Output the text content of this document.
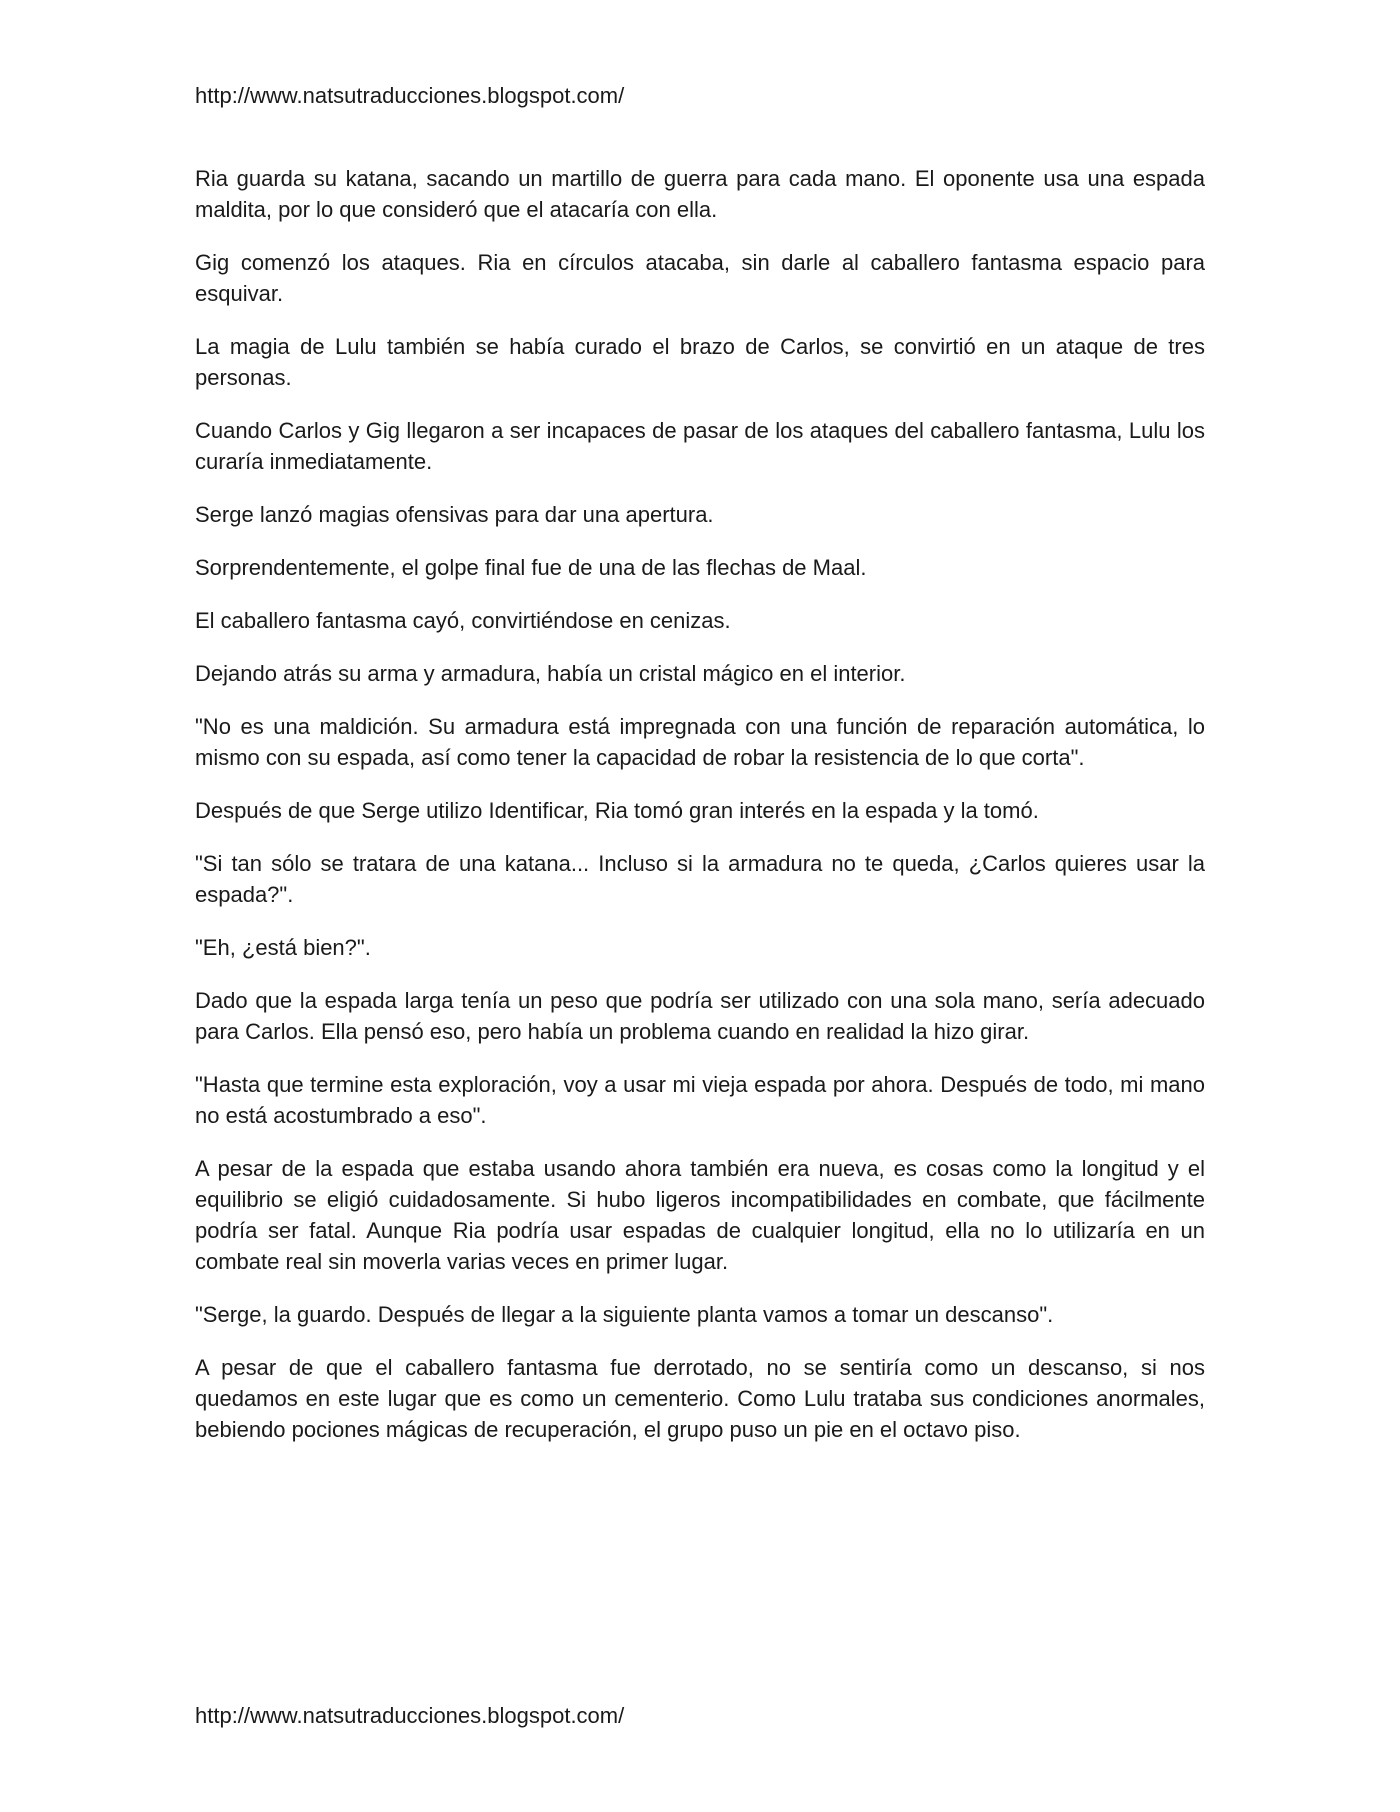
http://www.natsutraducciones.blogspot.com/

Ria guarda su katana, sacando un martillo de guerra para cada mano. El oponente usa una espada maldita, por lo que consideró que el atacaría con ella.

Gig comenzó los ataques. Ria en círculos atacaba, sin darle al caballero fantasma espacio para esquivar.

La magia de Lulu también se había curado el brazo de Carlos, se convirtió en un ataque de tres personas.

Cuando Carlos y Gig llegaron a ser incapaces de pasar de los ataques del caballero fantasma, Lulu los curaría inmediatamente.

Serge lanzó magias ofensivas para dar una apertura.

Sorprendentemente, el golpe final fue de una de las flechas de Maal.

El caballero fantasma cayó, convirtiéndose en cenizas.

Dejando atrás su arma y armadura, había un cristal mágico en el interior.

"No es una maldición. Su armadura está impregnada con una función de reparación automática, lo mismo con su espada, así como tener la capacidad de robar la resistencia de lo que corta".

Después de que Serge utilizo Identificar, Ria tomó gran interés en la espada y la tomó.

"Si tan sólo se tratara de una katana... Incluso si la armadura no te queda, ¿Carlos quieres usar la espada?".

"Eh, ¿está bien?".

Dado que la espada larga tenía un peso que podría ser utilizado con una sola mano, sería adecuado para Carlos. Ella pensó eso, pero había un problema cuando en realidad la hizo girar.

"Hasta que termine esta exploración, voy a usar mi vieja espada por ahora. Después de todo, mi mano no está acostumbrado a eso".

A pesar de la espada que estaba usando ahora también era nueva, es cosas como la longitud y el equilibrio se eligió cuidadosamente. Si hubo ligeros incompatibilidades en combate, que fácilmente podría ser fatal. Aunque Ria podría usar espadas de cualquier longitud, ella no lo utilizaría en un combate real sin moverla varias veces en primer lugar.

"Serge, la guardo. Después de llegar a la siguiente planta vamos a tomar un descanso".

A pesar de que el caballero fantasma fue derrotado, no se sentiría como un descanso, si nos quedamos en este lugar que es como un cementerio. Como Lulu trataba sus condiciones anormales, bebiendo pociones mágicas de recuperación, el grupo puso un pie en el octavo piso.

http://www.natsutraducciones.blogspot.com/
